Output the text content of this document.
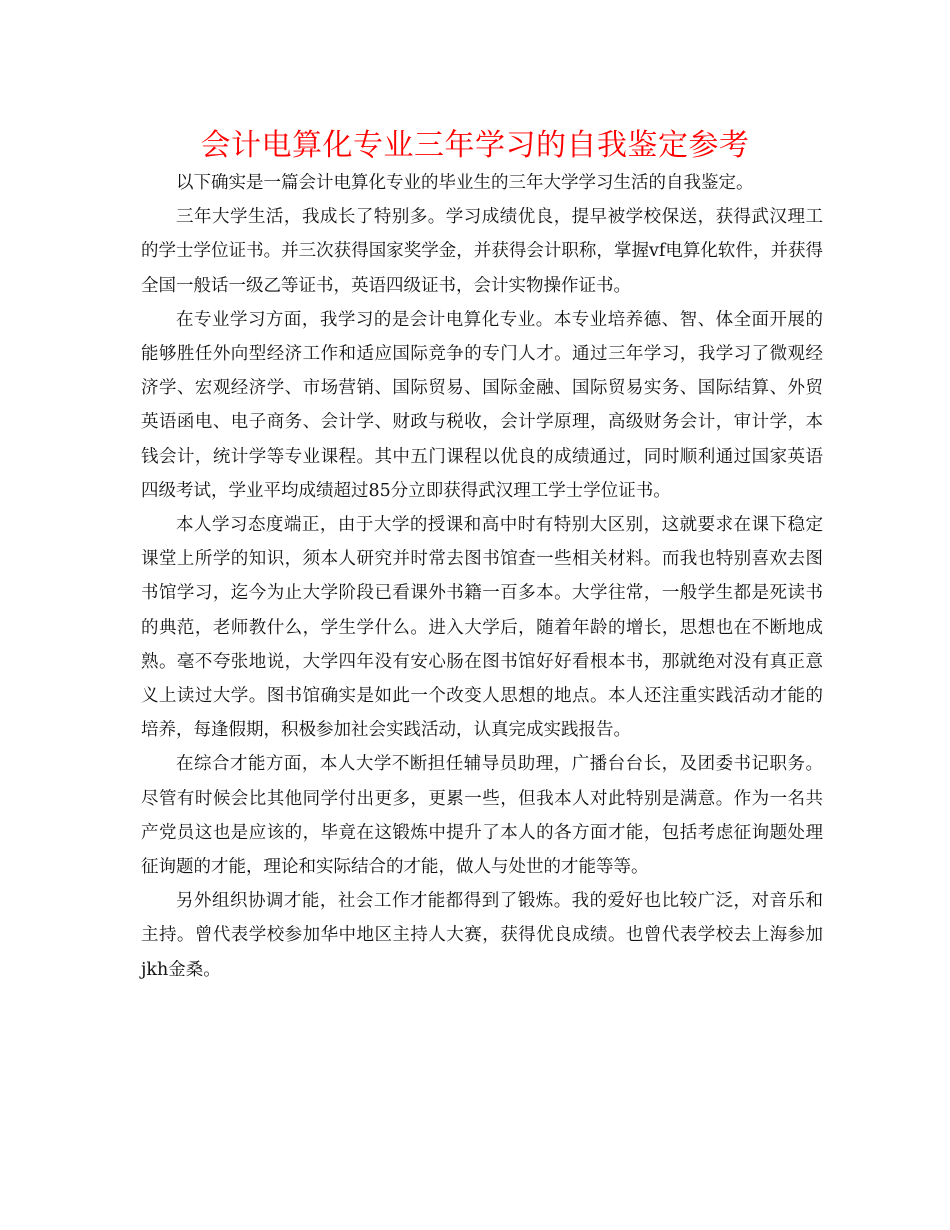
会计电算化专业三年学习的自我鉴定参考

以下确实是一篇会计电算化专业的毕业生的三年大学学习生活的自我鉴定。

三年大学生活，我成长了特别多。学习成绩优良，提早被学校保送，获得武汉理工的学士学位证书。并三次获得国家奖学金，并获得会计职称，掌握vf电算化软件，并获得全国一般话一级乙等证书，英语四级证书，会计实物操作证书。

在专业学习方面，我学习的是会计电算化专业。本专业培养德、智、体全面开展的能够胜任外向型经济工作和适应国际竞争的专门人才。通过三年学习，我学习了微观经济学、宏观经济学、市场营销、国际贸易、国际金融、国际贸易实务、国际结算、外贸英语函电、电子商务、会计学、财政与税收，会计学原理，高级财务会计，审计学，本钱会计，统计学等专业课程。其中五门课程以优良的成绩通过，同时顺利通过国家英语四级考试，学业平均成绩超过85分立即获得武汉理工学士学位证书。

本人学习态度端正，由于大学的授课和高中时有特别大区别，这就要求在课下稳定课堂上所学的知识，须本人研究并时常去图书馆查一些相关材料。而我也特别喜欢去图书馆学习，迄今为止大学阶段已看课外书籍一百多本。大学往常，一般学生都是死读书的典范，老师教什么，学生学什么。进入大学后，随着年龄的增长，思想也在不断地成熟。毫不夸张地说，大学四年没有安心肠在图书馆好好看根本书，那就绝对没有真正意义上读过大学。图书馆确实是如此一个改变人思想的地点。本人还注重实践活动才能的培养，每逢假期，积极参加社会实践活动，认真完成实践报告。

在综合才能方面，本人大学不断担任辅导员助理，广播台台长，及团委书记职务。尽管有时候会比其他同学付出更多，更累一些，但我本人对此特别是满意。作为一名共产党员这也是应该的，毕竟在这锻炼中提升了本人的各方面才能，包括考虑征询题处理征询题的才能，理论和实际结合的才能，做人与处世的才能等等。

另外组织协调才能，社会工作才能都得到了锻炼。我的爱好也比较广泛，对音乐和主持。曾代表学校参加华中地区主持人大赛，获得优良成绩。也曾代表学校去上海参加jkh金桑。
